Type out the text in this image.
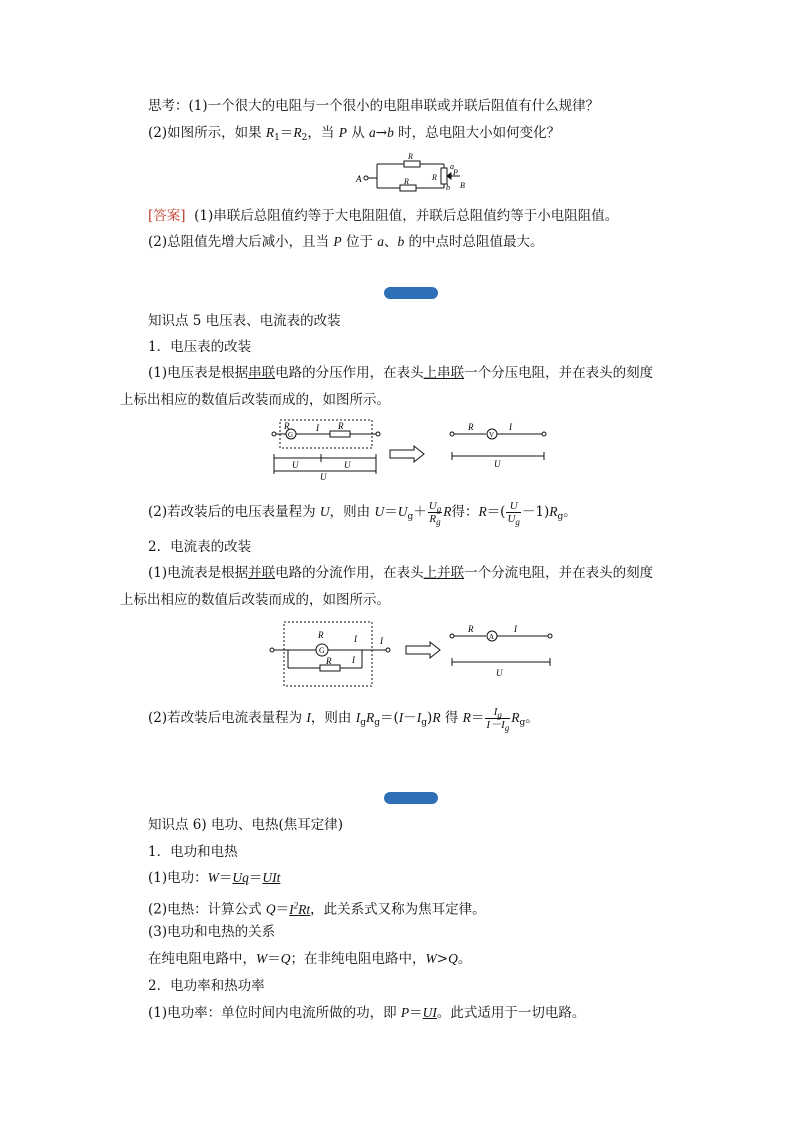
思考：(1)一个很大的电阻与一个很小的电阻串联或并联后阻值有什么规律？
(2)如图所示，如果 $R_1=R_2$，当 P 从 a→b 时，总电阻大小如何变化？
A
R
R	R
a
b
P
B
[答案] (1)串联后总阻值约等于大电阻阻值，并联后总阻值约等于小电阻阻值。
(2)总阻值先增大后减小，且当 P 位于 a、b 的中点时总阻值最大。
知识点 5 电压表、电流表的改装
1．电压表的改装
(1)电压表是根据串联电路的分压作用，在表头上串联一个分压电阻，并在表头的刻度
上标出相应的数值后改装而成的，如图所示。
G
R	I R
U	U
U
R
V
I
U
(2)若改装后的电压表量程为 U，则由 $U=U_g+ \frac{U_g}{R_g}$ R得：$R=( \frac{U}{U_g} -1)R_g$。
2．电流表的改装
(1)电流表是根据并联电路的分流作用，在表头上并联一个分流电阻，并在表头的刻度
上标出相应的数值后改装而成的，如图所示。
R
G
I
I
R
I
R
A
I
U
(2)若改装后电流表量程为 I，则由 $I_gR_g=(I-I_g)R$ 得 $R= \frac{I_g}{I-I_g} R_g$。
知识点 6) 电功、电热(焦耳定律)
1．电功和电热
(1)电功：W＝Uq＝UIt
(2)电热：计算公式 $Q=I^2Rt$，此关系式又称为焦耳定律。
(3)电功和电热的关系
在纯电阻电路中，W＝Q；在非纯电阻电路中，W>Q。
2．电功率和热功率
(1)电功率：单位时间内电流所做的功，即 P＝UI。此式适用于一切电路。
